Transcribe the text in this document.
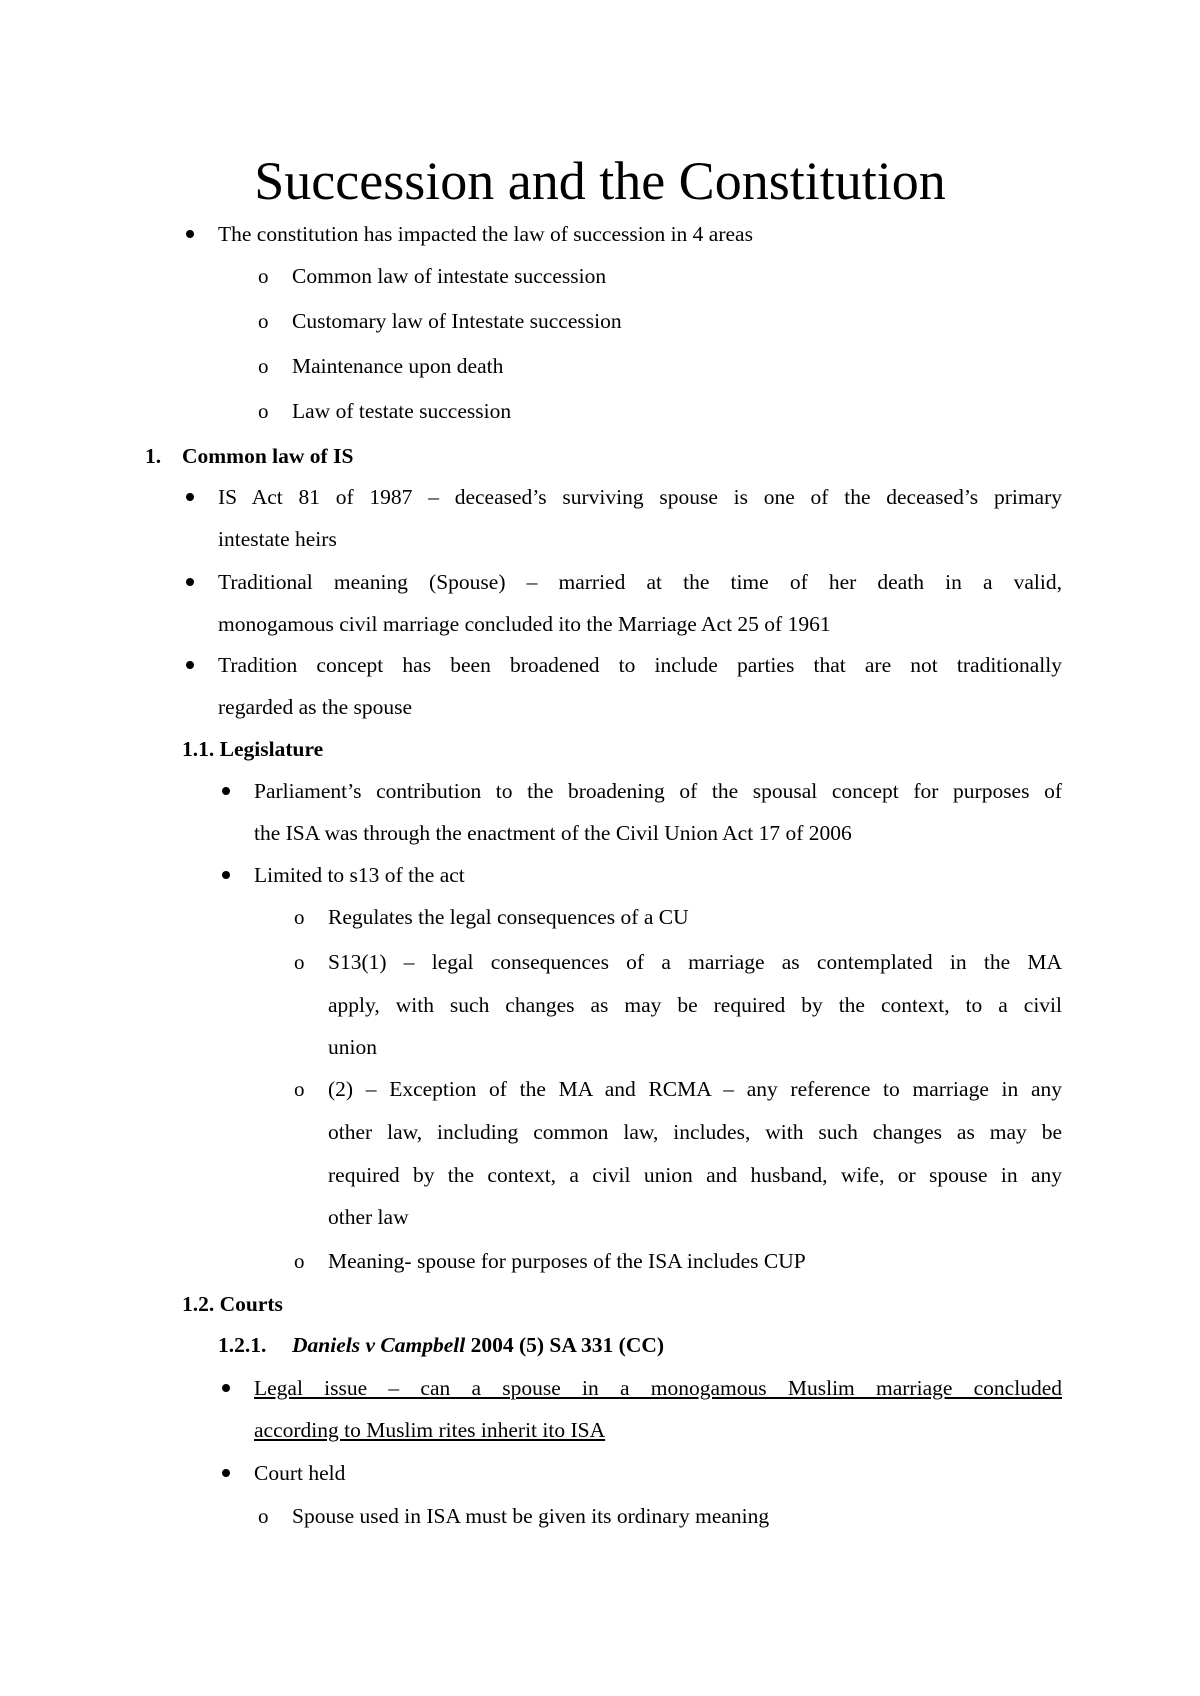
Succession and the Constitution
The constitution has impacted the law of succession in 4 areas
o Common law of intestate succession
o Customary law of Intestate succession
o Maintenance upon death
o Law of testate succession
1. Common law of IS
IS Act 81 of 1987 – deceased’s surviving spouse is one of the deceased’s primary
intestate heirs
Traditional meaning (Spouse) – married at the time of her death in a valid,
monogamous civil marriage concluded ito the Marriage Act 25 of 1961
Tradition concept has been broadened to include parties that are not traditionally
regarded as the spouse
1.1. Legislature
Parliament’s contribution to the broadening of the spousal concept for purposes of
the ISA was through the enactment of the Civil Union Act 17 of 2006
Limited to s13 of the act
o Regulates the legal consequences of a CU
o S13(1) – legal consequences of a marriage as contemplated in the MA
apply, with such changes as may be required by the context, to a civil
union
o (2) – Exception of the MA and RCMA – any reference to marriage in any
other law, including common law, includes, with such changes as may be
required by the context, a civil union and husband, wife, or spouse in any
other law
o Meaning- spouse for purposes of the ISA includes CUP
1.2. Courts
1.2.1. Daniels v Campbell 2004 (5) SA 331 (CC)
Legal issue – can a spouse in a monogamous Muslim marriage concluded
according to Muslim rites inherit ito ISA
Court held
o Spouse used in ISA must be given its ordinary meaning
